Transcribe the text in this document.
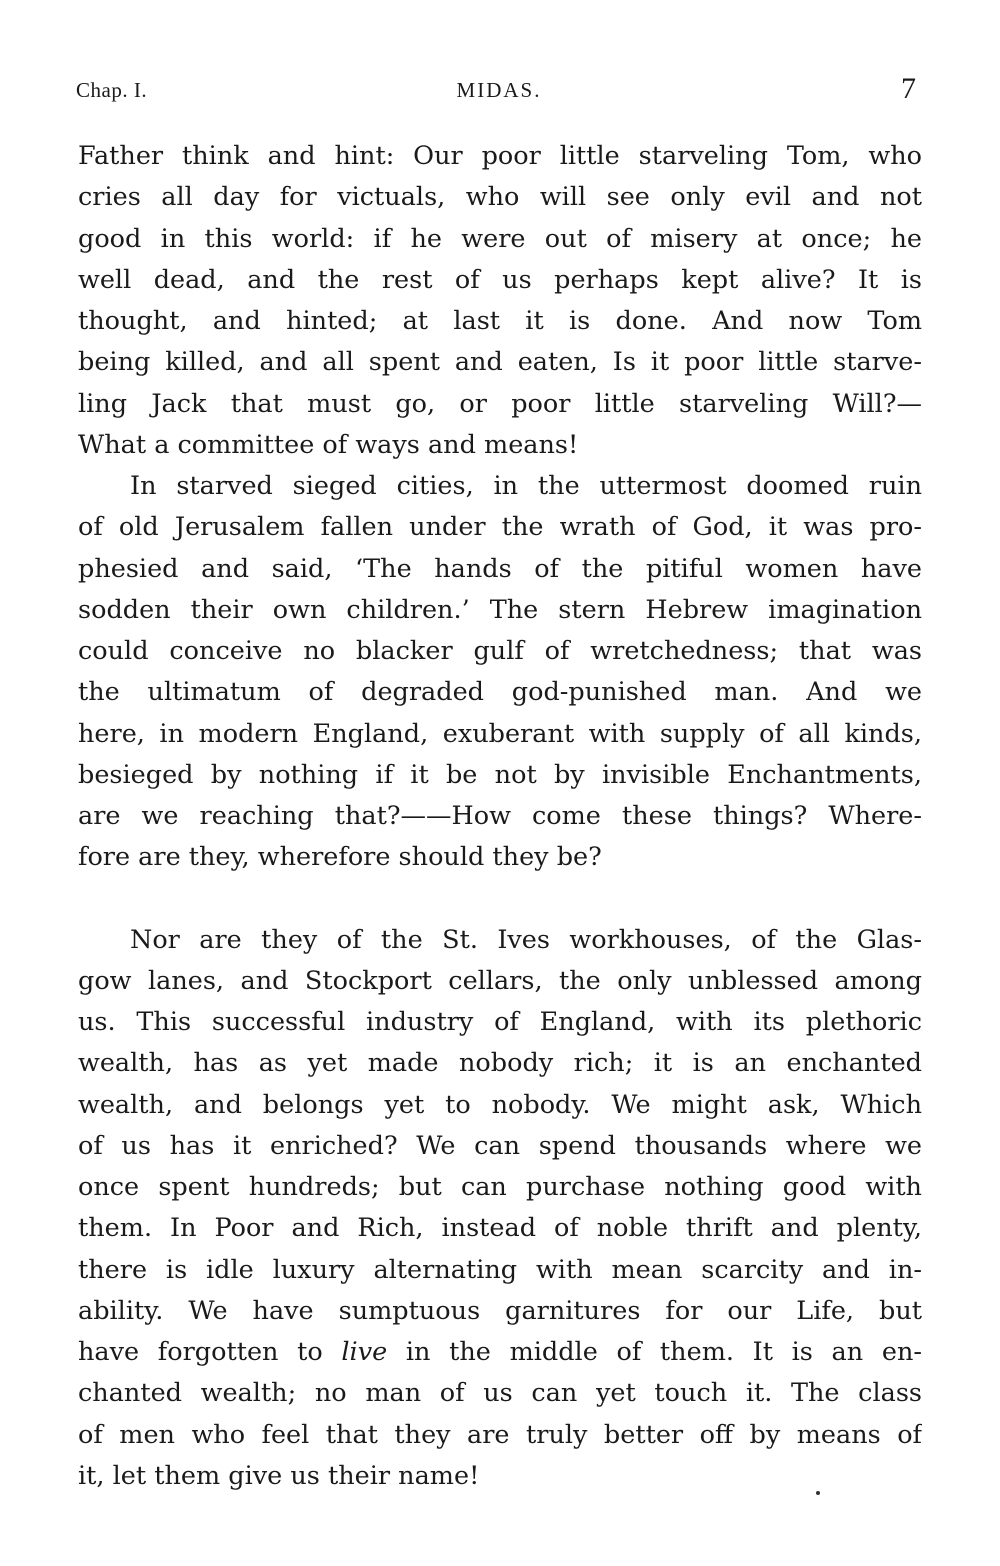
Chap. I.	MIDAS.	7
Father think and hint: Our poor little starveling Tom, who
cries all day for victuals, who will see only evil and not
good in this world: if he were out of misery at once; he
well dead, and the rest of us perhaps kept alive? It is
thought, and hinted; at last it is done. And now Tom
being killed, and all spent and eaten, Is it poor little starve-
ling Jack that must go, or poor little starveling Will?—
What a committee of ways and means!
In starved sieged cities, in the uttermost doomed ruin
of old Jerusalem fallen under the wrath of God, it was pro-
phesied and said, ‘The hands of the pitiful women have
sodden their own children.’ The stern Hebrew imagination
could conceive no blacker gulf of wretchedness; that was
the ultimatum of degraded god-punished man. And we
here, in modern England, exuberant with supply of all kinds,
besieged by nothing if it be not by invisible Enchantments,
are we reaching that?——How come these things? Where-
fore are they, wherefore should they be?
Nor are they of the St. Ives workhouses, of the Glas-
gow lanes, and Stockport cellars, the only unblessed among
us. This successful industry of England, with its plethoric
wealth, has as yet made nobody rich; it is an enchanted
wealth, and belongs yet to nobody. We might ask, Which
of us has it enriched? We can spend thousands where we
once spent hundreds; but can purchase nothing good with
them. In Poor and Rich, instead of noble thrift and plenty,
there is idle luxury alternating with mean scarcity and in-
ability. We have sumptuous garnitures for our Life, but
have forgotten to live in the middle of them. It is an en-
chanted wealth; no man of us can yet touch it. The class
of men who feel that they are truly better off by means of
it, let them give us their name!
